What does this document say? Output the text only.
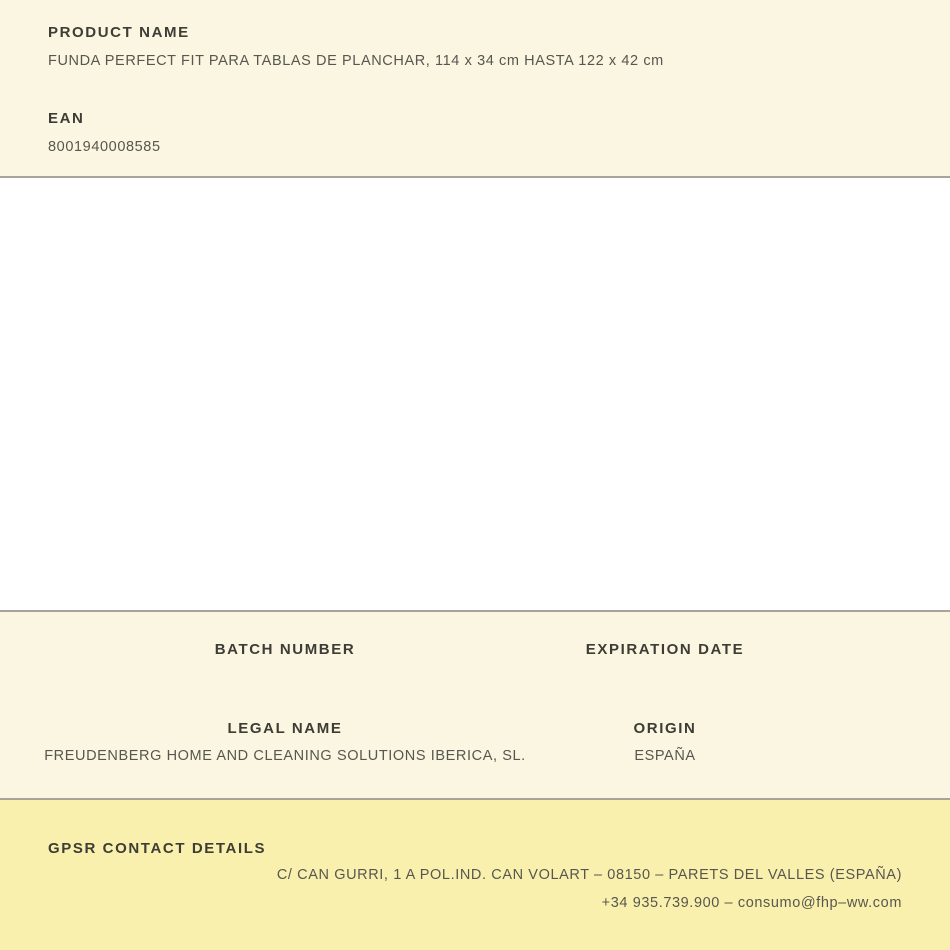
PRODUCT NAME
FUNDA PERFECT FIT PARA TABLAS DE PLANCHAR, 114 x 34 cm HASTA 122 x 42 cm
EAN
8001940008585
BATCH NUMBER	EXPIRATION DATE
LEGAL NAME
FREUDENBERG HOME AND CLEANING SOLUTIONS IBERICA, SL.
ORIGIN
ESPAÑA
GPSR CONTACT DETAILS
C/ CAN GURRI, 1 A POL.IND. CAN VOLART – 08150 – PARETS DEL VALLES (ESPAÑA)
+34 935.739.900 – consumo@fhp–ww.com
